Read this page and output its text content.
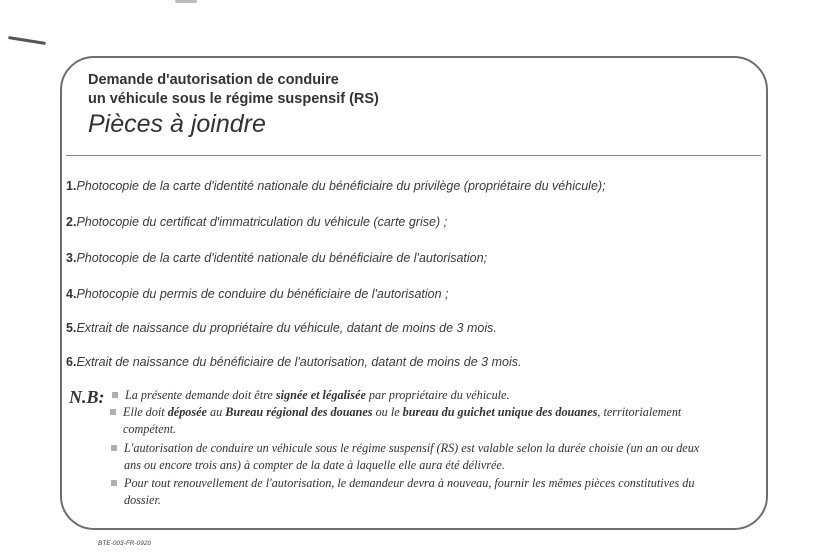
Demande d'autorisation de conduire
un véhicule sous le régime suspensif (RS)
Pièces à joindre
1.Photocopie de la carte d'identité nationale du bénéficiaire du privilège (propriétaire du véhicule);
2.Photocopie du certificat d'immatriculation du véhicule (carte grise) ;
3.Photocopie de la carte d'identité nationale du bénéficiaire de l'autorisation;
4.Photocopie du permis de conduire du bénéficiaire de l'autorisation ;
5.Extrait de naissance du propriétaire du véhicule, datant de moins de 3 mois.
6.Extrait de naissance du bénéficiaire de l'autorisation, datant de moins de 3 mois.
N.B: La présente demande doit être signée et légalisée par propriétaire du véhicule.
Elle doit déposée au Bureau régional des douanes ou le bureau du guichet unique des douanes, territorialement
compétent.
L'autorisation de conduire un véhicule sous le régime suspensif (RS) est valable selon la durée choisie (un an ou deux
ans ou encore trois ans) à compter de la date à laquelle elle aura été délivrée.
Pour tout renouvellement de l'autorisation, le demandeur devra à nouveau, fournir les mêmes pièces constitutives du
dossier.
BTE-003-FR-0920
